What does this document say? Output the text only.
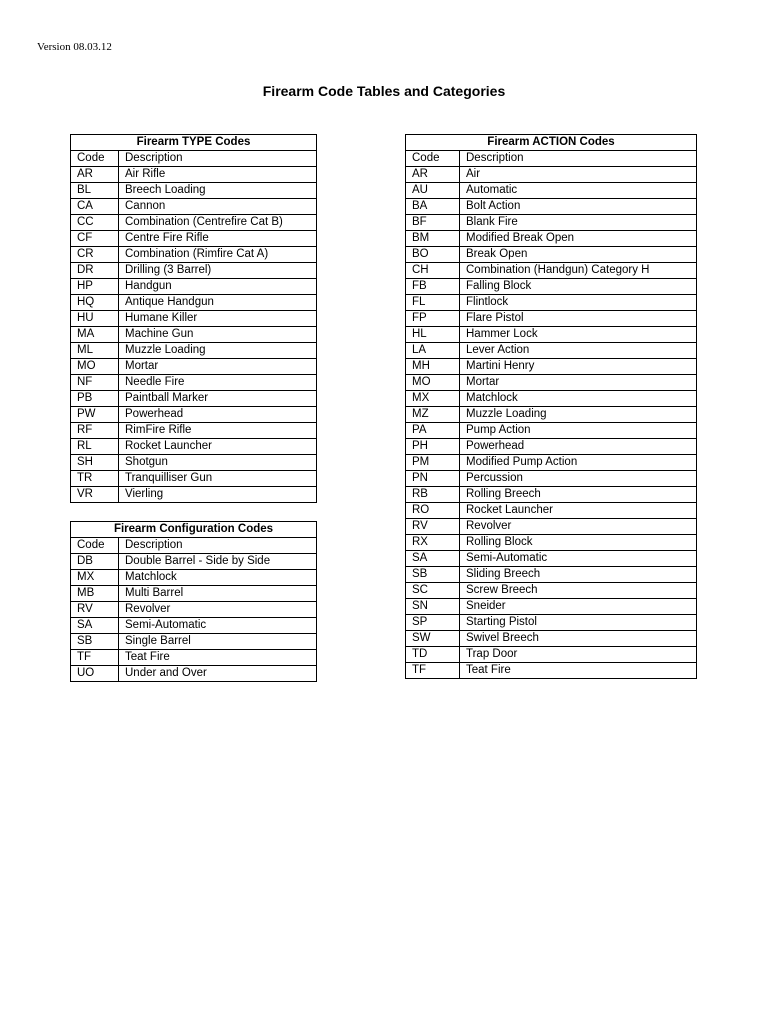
Version 08.03.12
Firearm Code Tables and Categories
Firearm TYPE Codes	
Code	Description
AR	Air Rifle
BL	Breech Loading
CA	Cannon
CC	Combination (Centrefire Cat B)
CF	Centre Fire Rifle
CR	Combination (Rimfire Cat A)
DR	Drilling (3 Barrel)
HP	Handgun
HQ	Antique Handgun
HU	Humane Killer
MA	Machine Gun
ML	Muzzle Loading
MO	Mortar
NF	Needle Fire
PB	Paintball Marker
PW	Powerhead
RF	RimFire Rifle
RL	Rocket Launcher
SH	Shotgun
TR	Tranquilliser Gun
VR	Vierling
Firearm Configuration Codes	
Code	Description
DB	Double Barrel - Side by Side
MX	Matchlock
MB	Multi Barrel
RV	Revolver
SA	Semi-Automatic
SB	Single Barrel
TF	Teat Fire
UO	Under and Over
Firearm ACTION Codes	
Code	Description
AR	Air
AU	Automatic
BA	Bolt Action
BF	Blank Fire
BM	Modified Break Open
BO	Break Open
CH	Combination (Handgun) Category H
FB	Falling Block
FL	Flintlock
FP	Flare Pistol
HL	Hammer Lock
LA	Lever Action
MH	Martini Henry
MO	Mortar
MX	Matchlock
MZ	Muzzle Loading
PA	Pump Action
PH	Powerhead
PM	Modified Pump Action
PN	Percussion
RB	Rolling Breech
RO	Rocket Launcher
RV	Revolver
RX	Rolling Block
SA	Semi-Automatic
SB	Sliding Breech
SC	Screw Breech
SN	Sneider
SP	Starting Pistol
SW	Swivel Breech
TD	Trap Door
TF	Teat Fire
